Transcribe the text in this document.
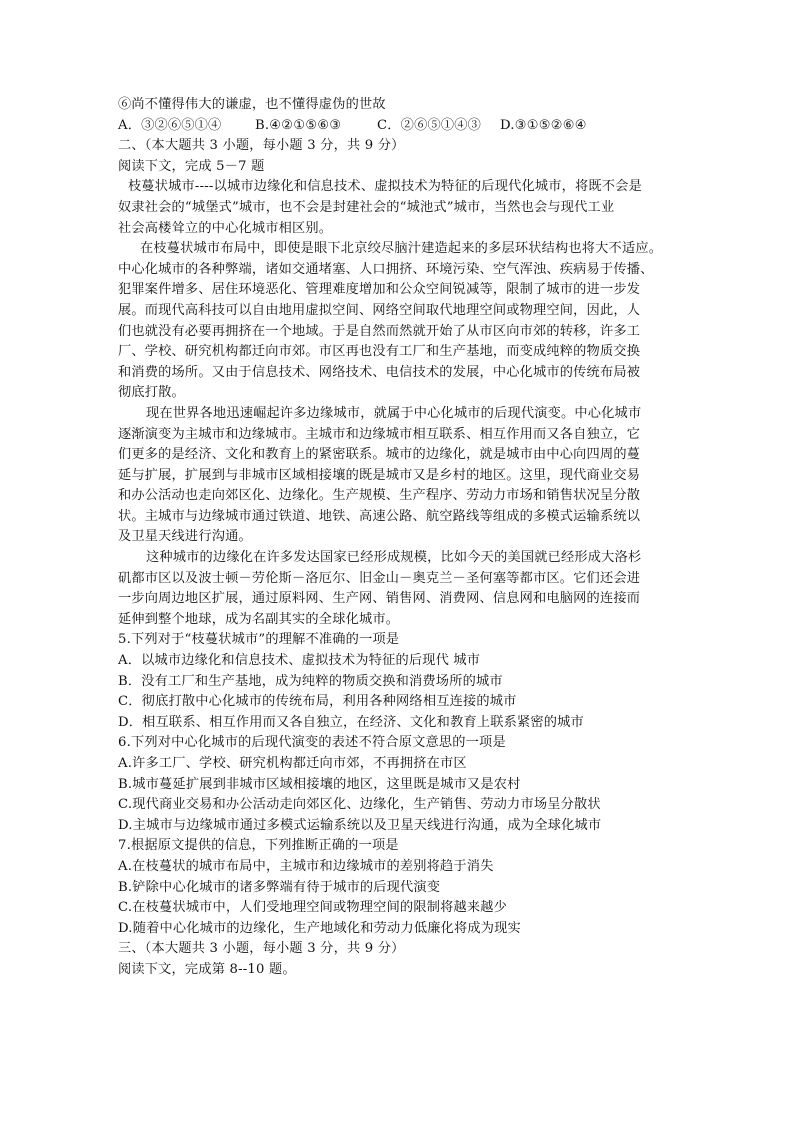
⑥尚不懂得伟大的谦虚，也不懂得虚伪的世故
A．③②⑥⑤①④	B.④②①⑤⑥③	C．②⑥⑤①④③ D.③①⑤②⑥④
二、（本大题共 3 小题，每小题 3 分，共 9 分）
阅读下文，完成 5－7 题
枝蔓状城市----以城市边缘化和信息技术、虚拟技术为特征的后现代化城市，将既不会是
奴隶社会的“城堡式”城市，也不会是封建社会的“城池式”城市，当然也会与现代工业
社会高楼耸立的中心化城市相区别。
在枝蔓状城市布局中，即使是眼下北京绞尽脑汁建造起来的多层环状结构也将大不适应。
中心化城市的各种弊端，诸如交通堵塞、人口拥挤、环境污染、空气浑浊、疾病易于传播、
犯罪案件增多、居住环境恶化、管理难度增加和公众空间锐减等，限制了城市的进一步发
展。而现代高科技可以自由地用虚拟空间、网络空间取代地理空间或物理空间，因此，人
们也就没有必要再拥挤在一个地域。于是自然而然就开始了从市区向市郊的转移，许多工
厂、学校、研究机构都迁向市郊。市区再也没有工厂和生产基地，而变成纯粹的物质交换
和消费的场所。又由于信息技术、网络技术、电信技术的发展，中心化城市的传统布局被
彻底打散。
现在世界各地迅速崛起许多边缘城市，就属于中心化城市的后现代演变。中心化城市
逐渐演变为主城市和边缘城市。主城市和边缘城市相互联系、相互作用而又各自独立，它
们更多的是经济、文化和教育上的紧密联系。城市的边缘化，就是城市由中心向四周的蔓
延与扩展，扩展到与非城市区域相接壤的既是城市又是乡村的地区。这里，现代商业交易
和办公活动也走向郊区化、边缘化。生产规模、生产程序、劳动力市场和销售状况呈分散
状。主城市与边缘城市通过铁道、地铁、高速公路、航空路线等组成的多模式运输系统以
及卫星天线进行沟通。
这种城市的边缘化在许多发达国家已经形成规模，比如今天的美国就已经形成大洛杉
矶都市区以及波士顿－劳伦斯－洛厄尔、旧金山－奥克兰－圣何塞等都市区。它们还会进
一步向周边地区扩展，通过原料网、生产网、销售网、消费网、信息网和电脑网的连接而
延伸到整个地球，成为名副其实的全球化城市。
5.下列对于“枝蔓状城市”的理解不准确的一项是
A．以城市边缘化和信息技术、虚拟技术为特征的后现代 城市
B．没有工厂和生产基地，成为纯粹的物质交换和消费场所的城市
C．彻底打散中心化城市的传统布局，利用各种网络相互连接的城市
D．相互联系、相互作用而又各自独立，在经济、文化和教育上联系紧密的城市
6.下列对中心化城市的后现代演变的表述不符合原文意思的一项是
A.许多工厂、学校、研究机构都迁向市郊，不再拥挤在市区
B.城市蔓延扩展到非城市区域相接壤的地区，这里既是城市又是农村
C.现代商业交易和办公活动走向郊区化、边缘化，生产销售、劳动力市场呈分散状
D.主城市与边缘城市通过多模式运输系统以及卫星天线进行沟通，成为全球化城市
7.根据原文提供的信息，下列推断正确的一项是
A.在枝蔓状的城市布局中，主城市和边缘城市的差别将趋于消失
B.铲除中心化城市的诸多弊端有待于城市的后现代演变
C.在枝蔓状城市中，人们受地理空间或物理空间的限制将越来越少
D.随着中心化城市的边缘化，生产地域化和劳动力低廉化将成为现实
三、（本大题共 3 小题，每小题 3 分，共 9 分）
阅读下文，完成第 8--10 题。
